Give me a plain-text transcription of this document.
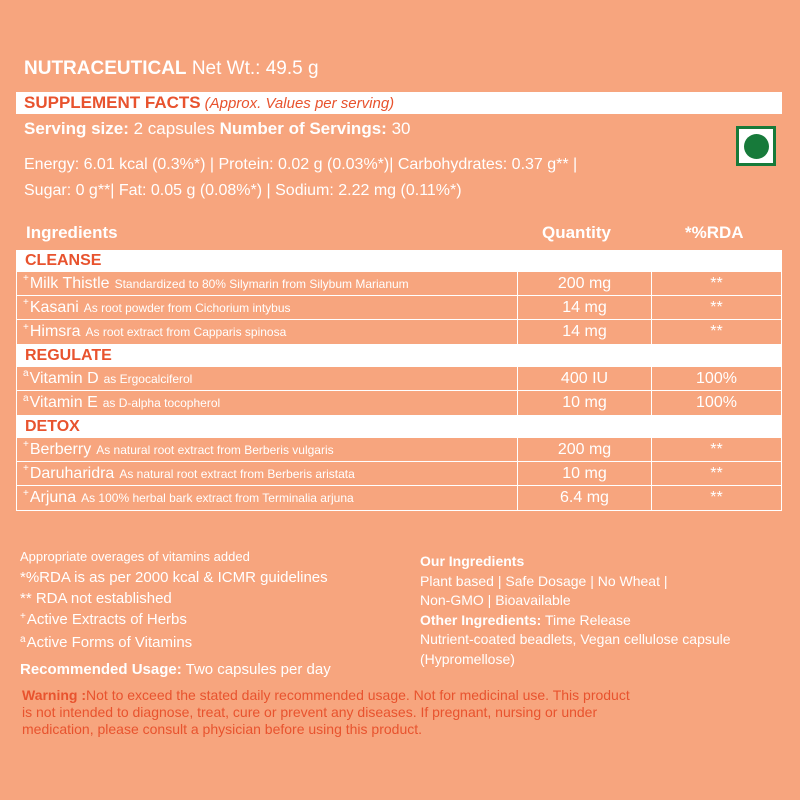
NUTRACEUTICAL Net Wt.: 49.5 g
SUPPLEMENT FACTS (Approx. Values per serving)
Serving size: 2 capsules Number of Servings: 30
Energy: 6.01 kcal (0.3%*) | Protein: 0.02 g (0.03%*)| Carbohydrates: 0.37 g** |
Sugar: 0 g**| Fat: 0.05 g (0.08%*) | Sodium: 2.22 mg (0.11%*)
Ingredients	Quantity	*%RDA
CLEANSE
+ Milk Thistle Standardized to 80% Silymarin from Silybum Marianum	200 mg	**
+ Kasani As root powder from Cichorium intybus	14 mg	**
+ Himsra As root extract from Capparis spinosa	14 mg	**
REGULATE
a Vitamin D as Ergocalciferol	400 IU	100%
a Vitamin E as D-alpha tocopherol	10 mg	100%
DETOX
+ Berberry As natural root extract from Berberis vulgaris	200 mg	**
+ Daruharidra As natural root extract from Berberis aristata	10 mg	**
+ Arjuna As 100% herbal bark extract from Terminalia arjuna	6.4 mg	**
Appropriate overages of vitamins added
*%RDA is as per 2000 kcal & ICMR guidelines
** RDA not established
+Active Extracts of Herbs
$^a$Active Forms of Vitamins
Recommended Usage: Two capsules per day
Our Ingredients
Plant based | Safe Dosage | No Wheat |
Non-GMO | Bioavailable
Other Ingredients: Time Release
Nutrient-coated beadlets, Vegan cellulose capsule
(Hypromellose)
Warning :Not to exceed the stated daily recommended usage. Not for medicinal use. This product
is not intended to diagnose, treat, cure or prevent any diseases. If pregnant, nursing or under
medication, please consult a physician before using this product.
